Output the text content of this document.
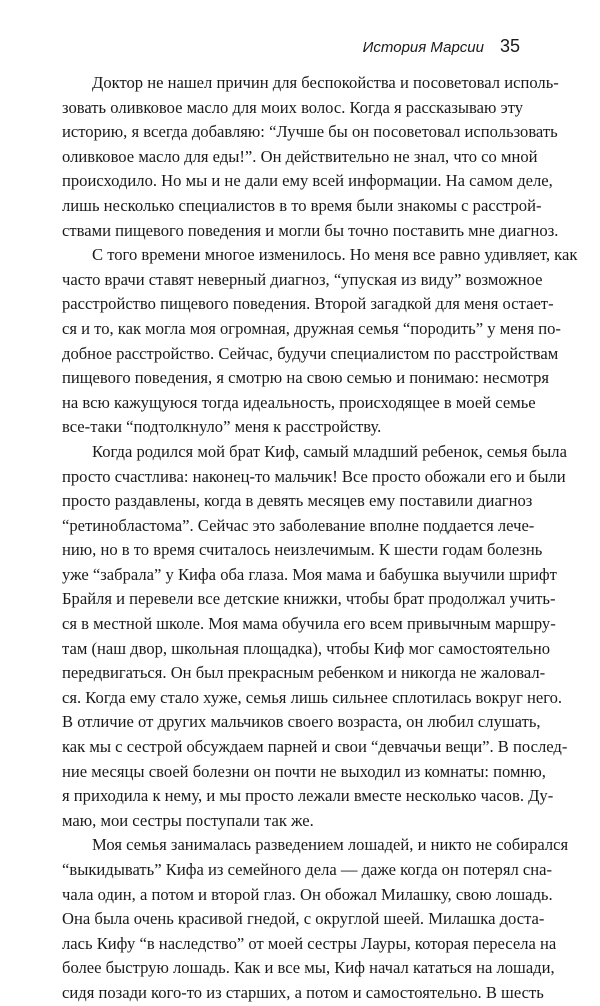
История Марсии 35
Доктор не нашел причин для беспокойства и посоветовал исполь-
зовать оливковое масло для моих волос. Когда я рассказываю эту
историю, я всегда добавляю: “Лучше бы он посоветовал использовать
оливковое масло для еды!”. Он действительно не знал, что со мной
происходило. Но мы и не дали ему всей информации. На самом деле,
лишь несколько специалистов в то время были знакомы с расстрой-
ствами пищевого поведения и могли бы точно поставить мне диагноз.
С того времени многое изменилось. Но меня все равно удивляет, как
часто врачи ставят неверный диагноз, “упуская из виду” возможное
расстройство пищевого поведения. Второй загадкой для меня остает-
ся и то, как могла моя огромная, дружная семья “породить” у меня по-
добное расстройство. Сейчас, будучи специалистом по расстройствам
пищевого поведения, я смотрю на свою семью и понимаю: несмотря
на всю кажущуюся тогда идеальность, происходящее в моей семье
все-таки “подтолкнуло” меня к расстройству.
Когда родился мой брат Киф, самый младший ребенок, семья была
просто счастлива: наконец-то мальчик! Все просто обожали его и были
просто раздавлены, когда в девять месяцев ему поставили диагноз
“ретинобластома”. Сейчас это заболевание вполне поддается лече-
нию, но в то время считалось неизлечимым. К шести годам болезнь
уже “забрала” у Кифа оба глаза. Моя мама и бабушка выучили шрифт
Брайля и перевели все детские книжки, чтобы брат продолжал учить-
ся в местной школе. Моя мама обучила его всем привычным маршру-
там (наш двор, школьная площадка), чтобы Киф мог самостоятельно
передвигаться. Он был прекрасным ребенком и никогда не жаловал-
ся. Когда ему стало хуже, семья лишь сильнее сплотилась вокруг него.
В отличие от других мальчиков своего возраста, он любил слушать,
как мы с сестрой обсуждаем парней и свои “девчачьи вещи”. В послед-
ние месяцы своей болезни он почти не выходил из комнаты: помню,
я приходила к нему, и мы просто лежали вместе несколько часов. Ду-
маю, мои сестры поступали так же.
Моя семья занималась разведением лошадей, и никто не собирался
“выкидывать” Кифа из семейного дела — даже когда он потерял сна-
чала один, а потом и второй глаз. Он обожал Милашку, свою лошадь.
Она была очень красивой гнедой, с округлой шеей. Милашка доста-
лась Кифу “в наследство” от моей сестры Лауры, которая пересела на
более быструю лошадь. Как и все мы, Киф начал кататься на лошади,
сидя позади кого-то из старших, а потом и самостоятельно. В шесть
